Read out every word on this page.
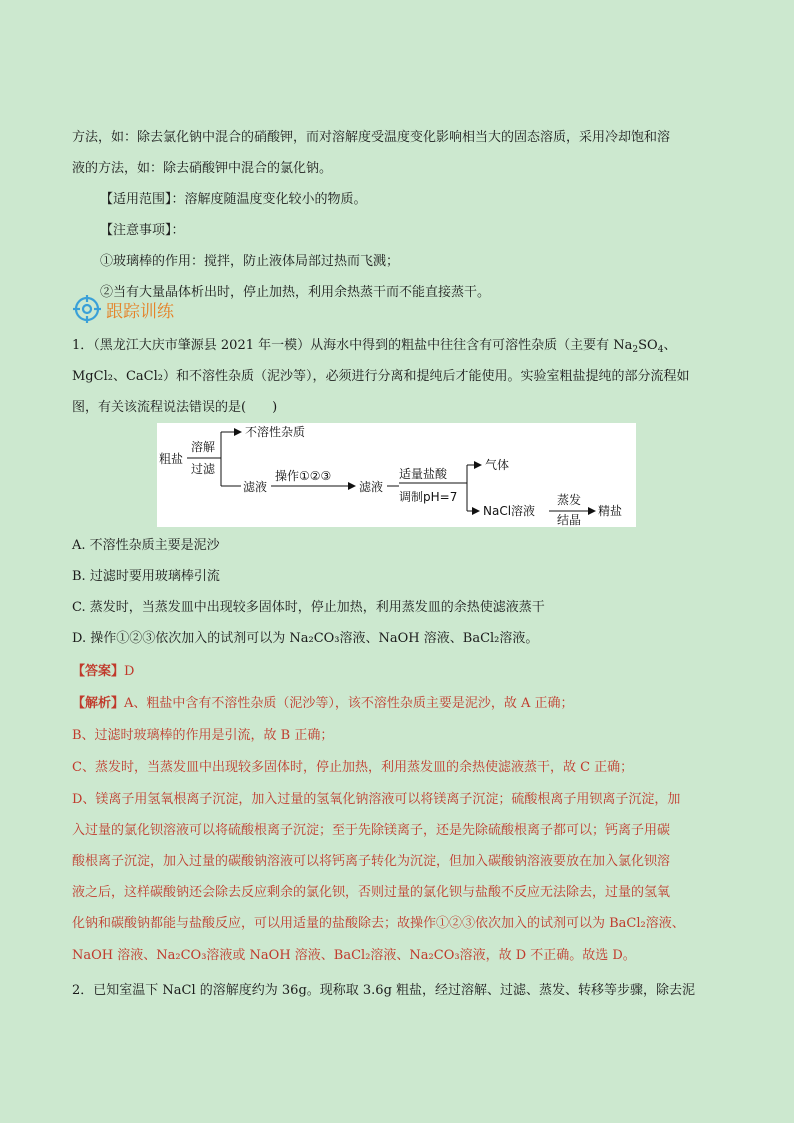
方法，如：除去氯化钠中混合的硝酸钾，而对溶解度受温度变化影响相当大的固态溶质，采用冷却饱和溶
液的方法，如：除去硝酸钾中混合的氯化钠。
【适用范围】：溶解度随温度变化较小的物质。
【注意事项】：
①玻璃棒的作用：搅拌，防止液体局部过热而飞溅；
②当有大量晶体析出时，停止加热，利用余热蒸干而不能直接蒸干。
跟踪训练
1．（黑龙江大庆市肇源县 2021 年一模）从海水中得到的粗盐中往往含有可溶性杂质（主要有 $Na_2SO_4$、
MgCl₂、CaCl₂）和不溶性杂质（泥沙等），必须进行分离和提纯后才能使用。实验室粗盐提纯的部分流程如
图，有关该流程说法错误的是(　　)
粗盐
溶解
过滤
不溶性杂质
滤液
操作①②③
滤液
适量盐酸
调制pH=7
气体
NaCl溶液
蒸发
结晶
精盐
A. 不溶性杂质主要是泥沙
B. 过滤时要用玻璃棒引流
C. 蒸发时，当蒸发皿中出现较多固体时，停止加热，利用蒸发皿的余热使滤液蒸干
D. 操作①②③依次加入的试剂可以为 Na₂CO₃溶液、NaOH 溶液、BaCl₂溶液。
【答案】D
【解析】A、粗盐中含有不溶性杂质（泥沙等），该不溶性杂质主要是泥沙，故 A 正确；
B、过滤时玻璃棒的作用是引流，故 B 正确；
C、蒸发时，当蒸发皿中出现较多固体时，停止加热，利用蒸发皿的余热使滤液蒸干，故 C 正确；
D、镁离子用氢氧根离子沉淀，加入过量的氢氧化钠溶液可以将镁离子沉淀；硫酸根离子用钡离子沉淀，加
入过量的氯化钡溶液可以将硫酸根离子沉淀；至于先除镁离子，还是先除硫酸根离子都可以；钙离子用碳
酸根离子沉淀，加入过量的碳酸钠溶液可以将钙离子转化为沉淀，但加入碳酸钠溶液要放在加入氯化钡溶
液之后，这样碳酸钠还会除去反应剩余的氯化钡，否则过量的氯化钡与盐酸不反应无法除去，过量的氢氧
化钠和碳酸钠都能与盐酸反应，可以用适量的盐酸除去；故操作①②③依次加入的试剂可以为 BaCl₂溶液、
NaOH 溶液、Na₂CO₃溶液或 NaOH 溶液、BaCl₂溶液、Na₂CO₃溶液，故 D 不正确。故选 D。
2．已知室温下 NaCl 的溶解度约为 36g。现称取 3.6g 粗盐，经过溶解、过滤、蒸发、转移等步骤，除去泥
